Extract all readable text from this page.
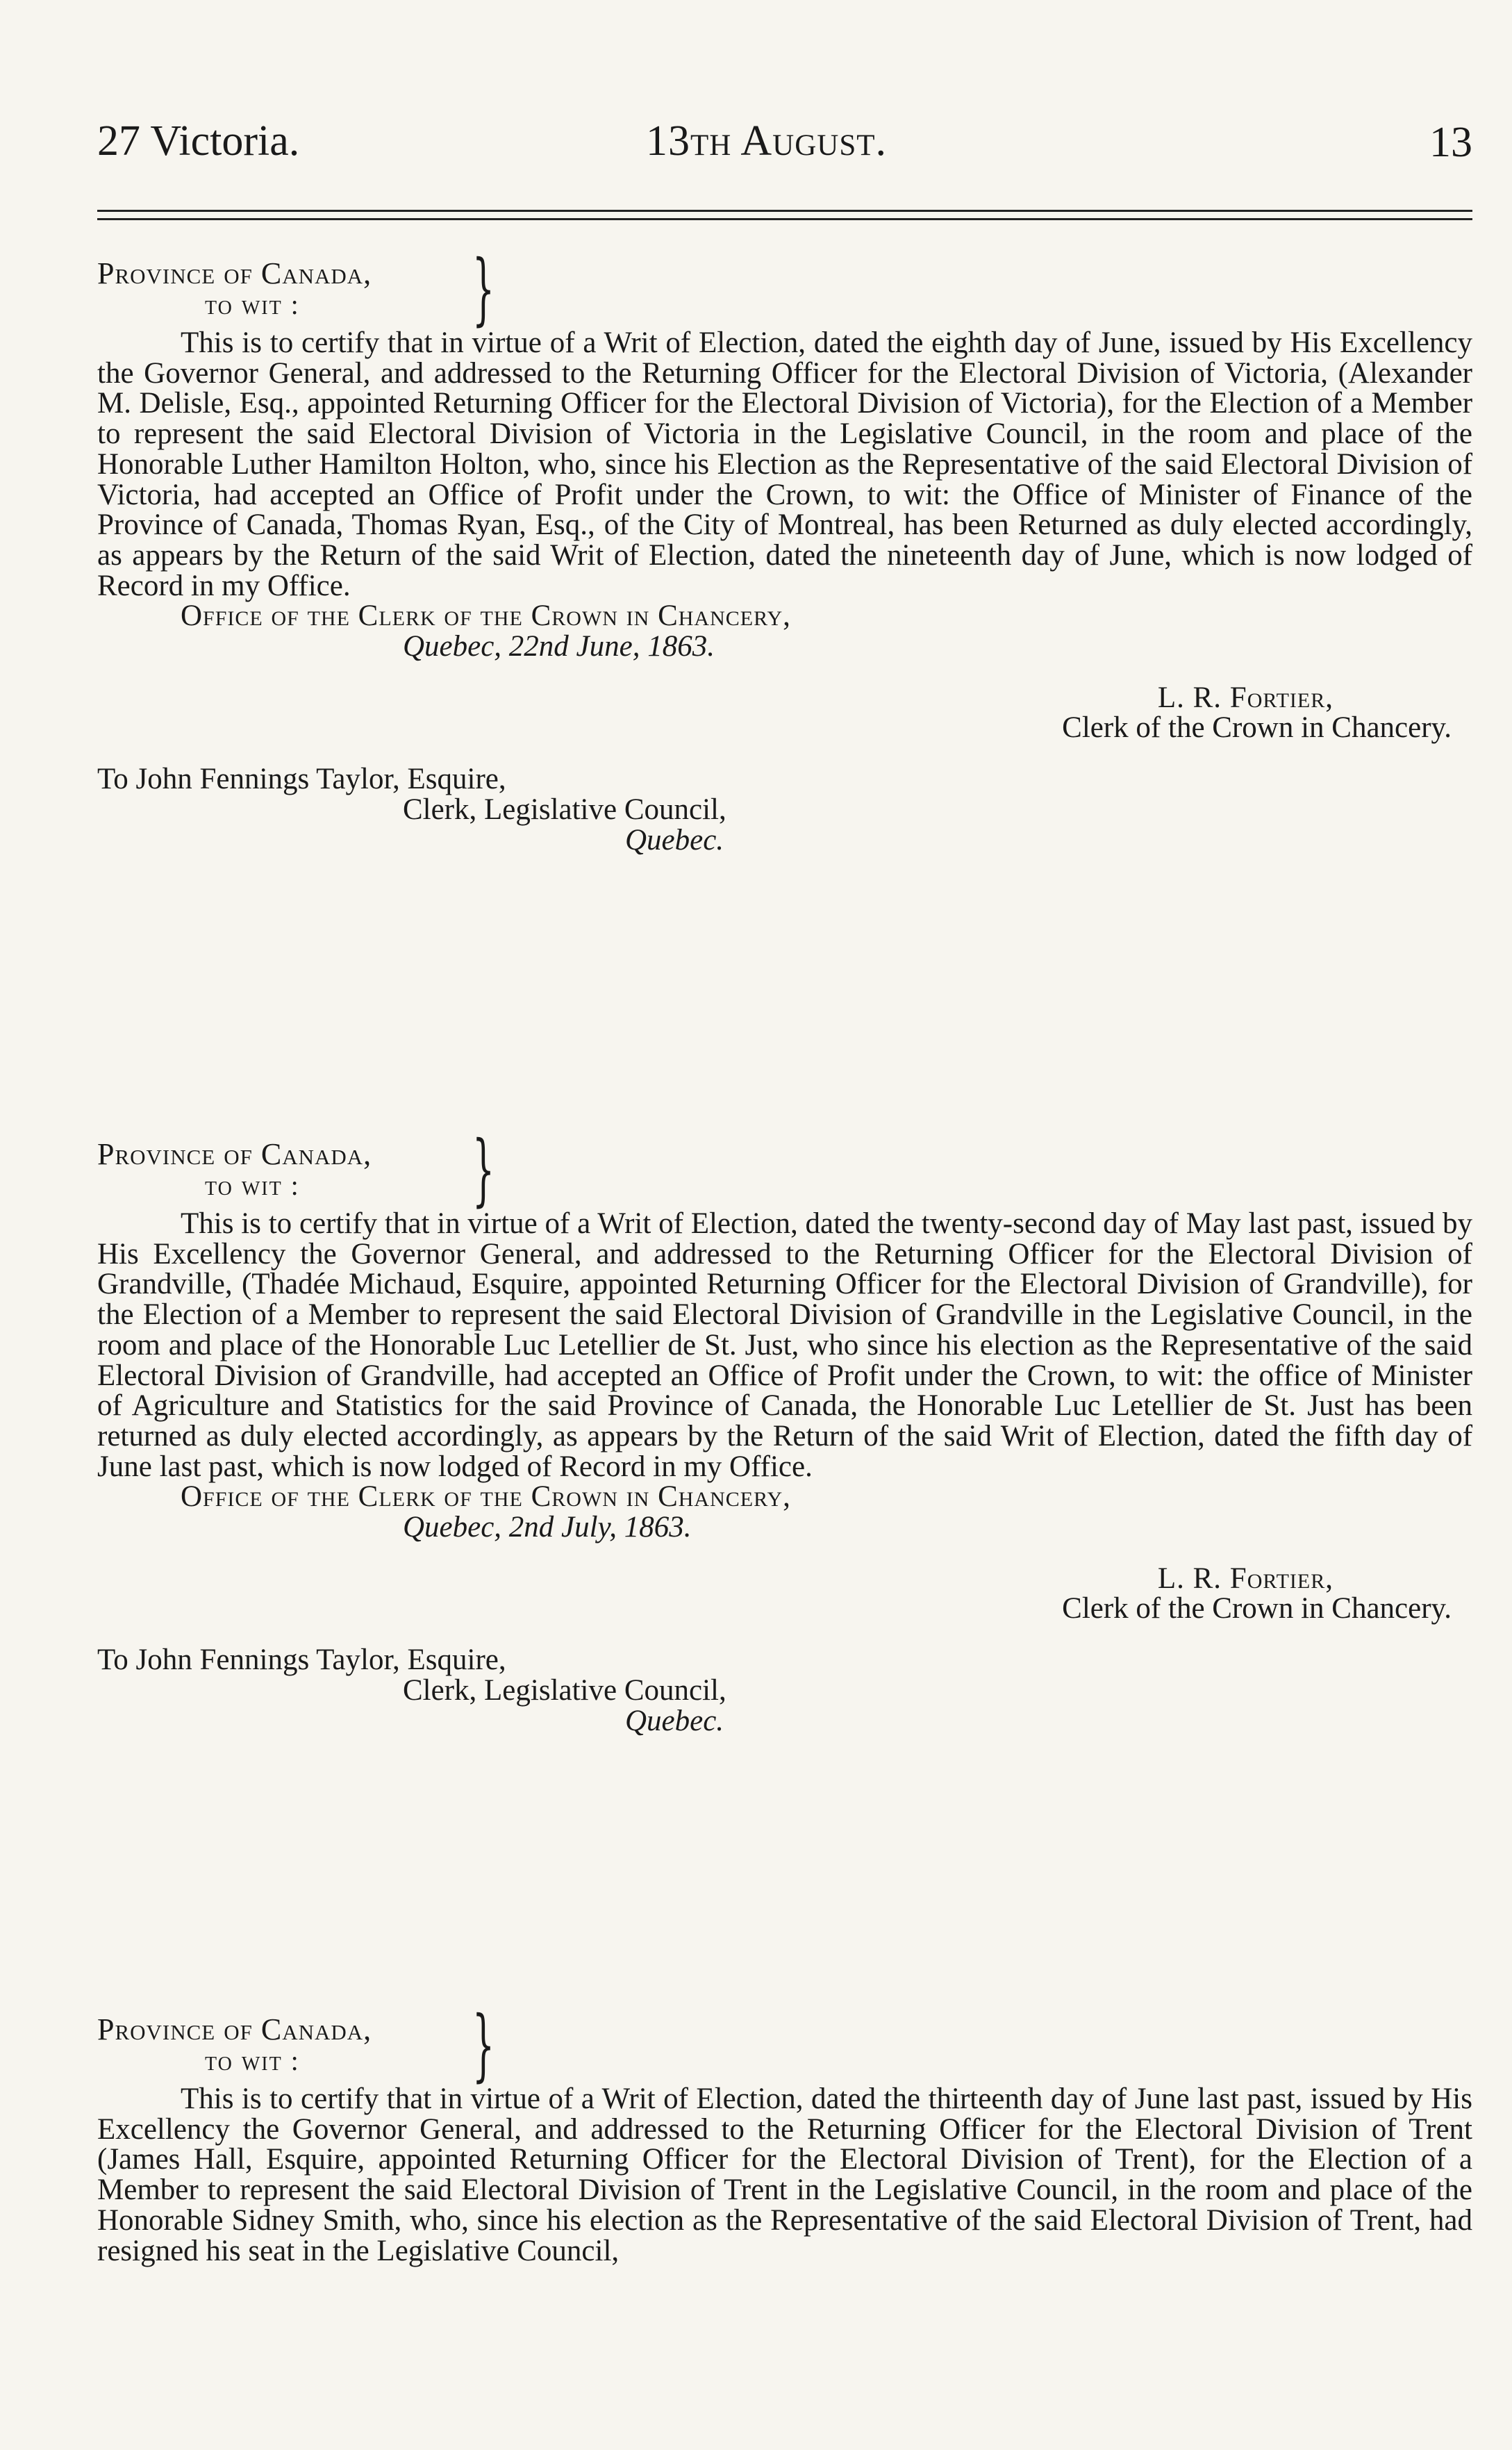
27 Victoria.	13th August.	13
Province of Canada,
to wit : }

This is to certify that in virtue of a Writ of Election, dated the eighth day of June, issued by His Excellency the Governor General, and addressed to the Returning Officer for the Electoral Division of Victoria, (Alexander M. Delisle, Esq., appointed Returning Officer for the Electoral Division of Victoria), for the Election of a Member to represent the said Electoral Division of Victoria in the Legislative Council, in the room and place of the Honorable Luther Hamilton Holton, who, since his Election as the Representative of the said Electoral Division of Victoria, had accepted an Office of Profit under the Crown, to wit: the Office of Minister of Finance of the Province of Canada, Thomas Ryan, Esq., of the City of Montreal, has been Returned as duly elected accordingly, as appears by the Return of the said Writ of Election, dated the nineteenth day of June, which is now lodged of Record in my Office.

Office of the Clerk of the Crown in Chancery,

Quebec, 22nd June, 1863.

L. R. Fortier,

Clerk of the Crown in Chancery.

To John Fennings Taylor, Esquire,

Clerk, Legislative Council,

Quebec.

Province of Canada,
to wit : }

This is to certify that in virtue of a Writ of Election, dated the twenty-second day of May last past, issued by His Excellency the Governor General, and addressed to the Returning Officer for the Electoral Division of Grandville, (Thadée Michaud, Esquire, appointed Returning Officer for the Electoral Division of Grandville), for the Election of a Member to represent the said Electoral Division of Grandville in the Legislative Council, in the room and place of the Honorable Luc Letellier de St. Just, who since his election as the Representative of the said Electoral Division of Grandville, had accepted an Office of Profit under the Crown, to wit: the office of Minister of Agriculture and Statistics for the said Province of Canada, the Honorable Luc Letellier de St. Just has been returned as duly elected accordingly, as appears by the Return of the said Writ of Election, dated the fifth day of June last past, which is now lodged of Record in my Office.

Office of the Clerk of the Crown in Chancery,

Quebec, 2nd July, 1863.

L. R. Fortier,

Clerk of the Crown in Chancery.

To John Fennings Taylor, Esquire,

Clerk, Legislative Council,

Quebec.

Province of Canada,
to wit : }

This is to certify that in virtue of a Writ of Election, dated the thirteenth day of June last past, issued by His Excellency the Governor General, and addressed to the Returning Officer for the Electoral Division of Trent (James Hall, Esquire, appointed Returning Officer for the Electoral Division of Trent), for the Election of a Member to represent the said Electoral Division of Trent in the Legislative Council, in the room and place of the Honorable Sidney Smith, who, since his election as the Representative of the said Electoral Division of Trent, had resigned his seat in the Legislative Council,
